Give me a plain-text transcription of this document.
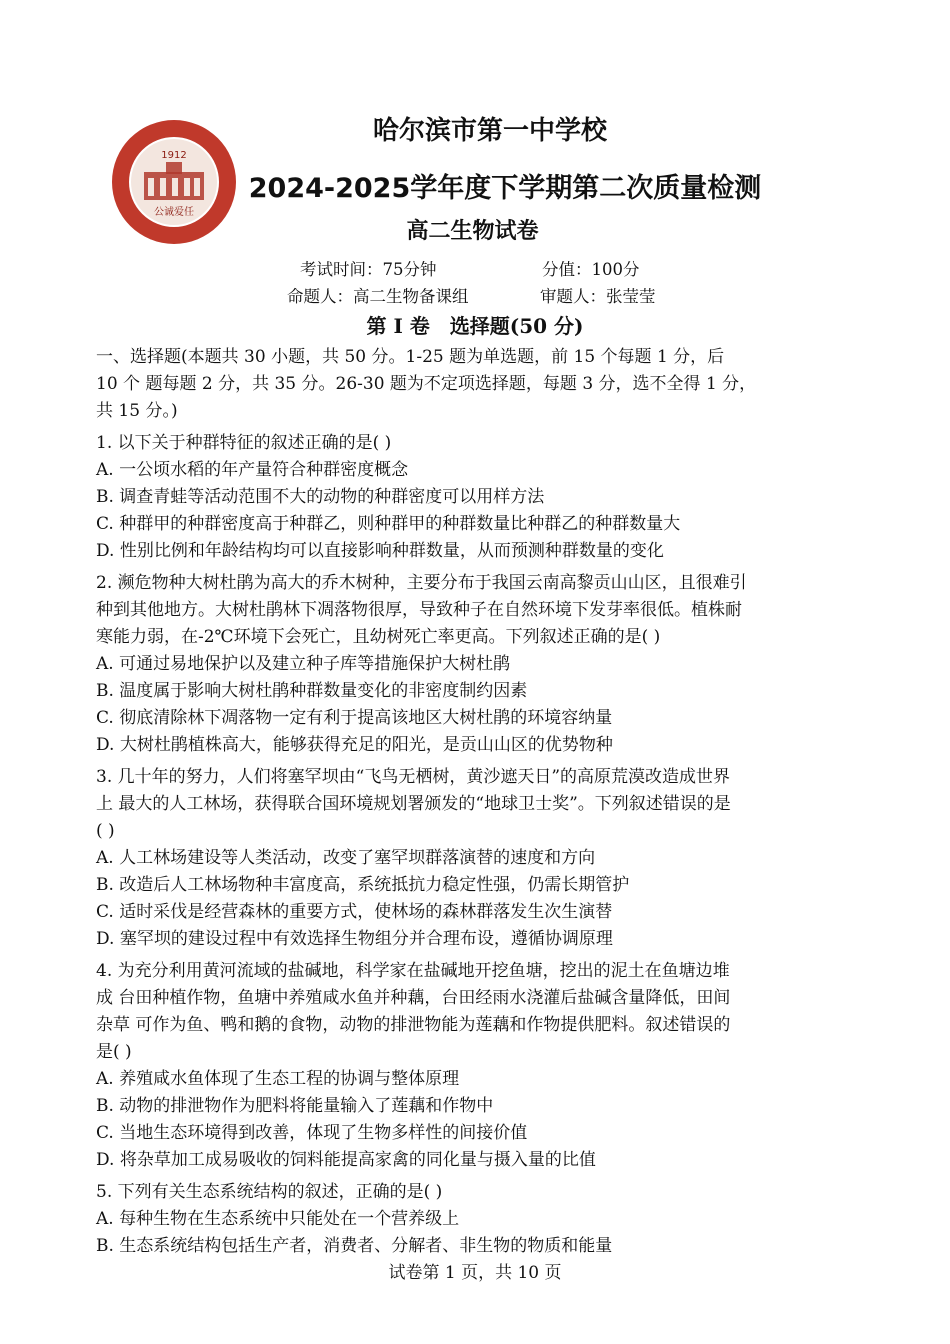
1912
公诚爱任
哈尔滨市第一中学校
2024-2025学年度下学期第二次质量检测
高二生物试卷
考试时间：75分钟	分值：100分
命题人：高二生物备课组	审题人：张莹莹
第 I 卷　选择题(50 分)

一、选择题(本题共 30 小题，共 50 分。1-25 题为单选题，前 15 个每题 1 分，后

10 个 题每题 2 分，共 35 分。26-30 题为不定项选择题，每题 3 分，选不全得 1 分，

共 15 分。)

1. 以下关于种群特征的叙述正确的是( )

A. 一公顷水稻的年产量符合种群密度概念

B. 调查青蛙等活动范围不大的动物的种群密度可以用样方法

C. 种群甲的种群密度高于种群乙，则种群甲的种群数量比种群乙的种群数量大

D. 性别比例和年龄结构均可以直接影响种群数量，从而预测种群数量的变化

2. 濒危物种大树杜鹃为高大的乔木树种，主要分布于我国云南高黎贡山山区，且很难引

种到其他地方。大树杜鹃林下凋落物很厚，导致种子在自然环境下发芽率很低。植株耐

寒能力弱，在-2℃环境下会死亡，且幼树死亡率更高。下列叙述正确的是( )

A. 可通过易地保护以及建立种子库等措施保护大树杜鹃

B. 温度属于影响大树杜鹃种群数量变化的非密度制约因素

C. 彻底清除林下凋落物一定有利于提高该地区大树杜鹃的环境容纳量

D. 大树杜鹃植株高大，能够获得充足的阳光，是贡山山区的优势物种

3. 几十年的努力，人们将塞罕坝由“飞鸟无栖树，黄沙遮天日”的高原荒漠改造成世界

上 最大的人工林场，获得联合国环境规划署颁发的“地球卫士奖”。下列叙述错误的是

( )

A. 人工林场建设等人类活动，改变了塞罕坝群落演替的速度和方向

B. 改造后人工林场物种丰富度高，系统抵抗力稳定性强，仍需长期管护

C. 适时采伐是经营森林的重要方式，使林场的森林群落发生次生演替

D. 塞罕坝的建设过程中有效选择生物组分并合理布设，遵循协调原理

4. 为充分利用黄河流域的盐碱地，科学家在盐碱地开挖鱼塘，挖出的泥土在鱼塘边堆

成 台田种植作物，鱼塘中养殖咸水鱼并种藕，台田经雨水浇灌后盐碱含量降低，田间

杂草 可作为鱼、鸭和鹅的食物，动物的排泄物能为莲藕和作物提供肥料。叙述错误的

是( )

A. 养殖咸水鱼体现了生态工程的协调与整体原理

B. 动物的排泄物作为肥料将能量输入了莲藕和作物中

C. 当地生态环境得到改善，体现了生物多样性的间接价值

D. 将杂草加工成易吸收的饲料能提高家禽的同化量与摄入量的比值

5. 下列有关生态系统结构的叙述，正确的是( )

A. 每种生物在生态系统中只能处在一个营养级上

B. 生态系统结构包括生产者，消费者、分解者、非生物的物质和能量

试卷第 1 页，共 10 页
